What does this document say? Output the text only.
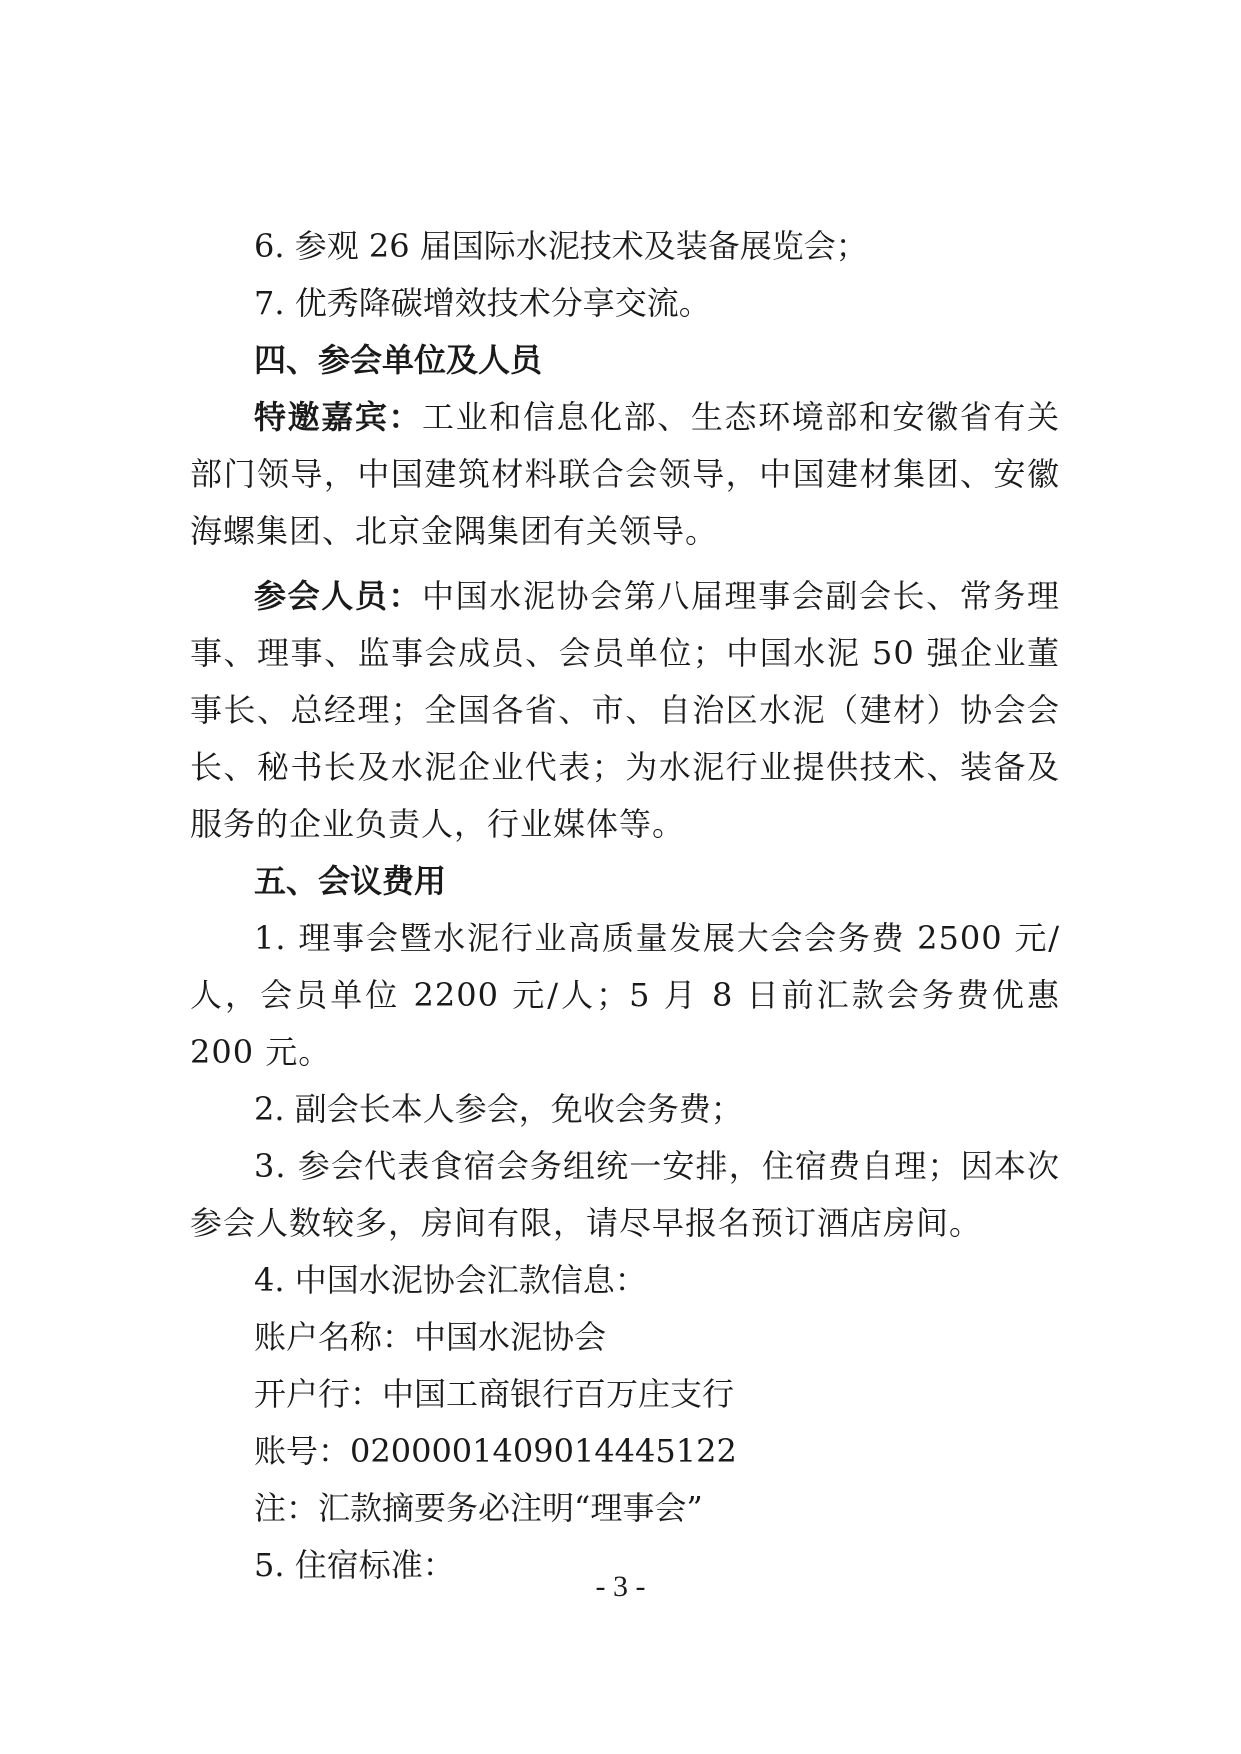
6. 参观 26 届国际水泥技术及装备展览会；

7. 优秀降碳增效技术分享交流。

四、参会单位及人员

特邀嘉宾：工业和信息化部、生态环境部和安徽省有关部门领导，中国建筑材料联合会领导，中国建材集团、安徽海螺集团、北京金隅集团有关领导。

参会人员：中国水泥协会第八届理事会副会长、常务理事、理事、监事会成员、会员单位；中国水泥 50 强企业董事长、总经理；全国各省、市、自治区水泥（建材）协会会长、秘书长及水泥企业代表；为水泥行业提供技术、装备及服务的企业负责人，行业媒体等。

五、会议费用

1. 理事会暨水泥行业高质量发展大会会务费 2500 元/人，会员单位 2200 元/人；5 月 8 日前汇款会务费优惠 200 元。

2. 副会长本人参会，免收会务费；

3. 参会代表食宿会务组统一安排，住宿费自理；因本次参会人数较多，房间有限，请尽早报名预订酒店房间。

4. 中国水泥协会汇款信息：

账户名称：中国水泥协会

开户行：中国工商银行百万庄支行

账号：0200001409014445122

注：汇款摘要务必注明“理事会”

5. 住宿标准：

- 3 -
